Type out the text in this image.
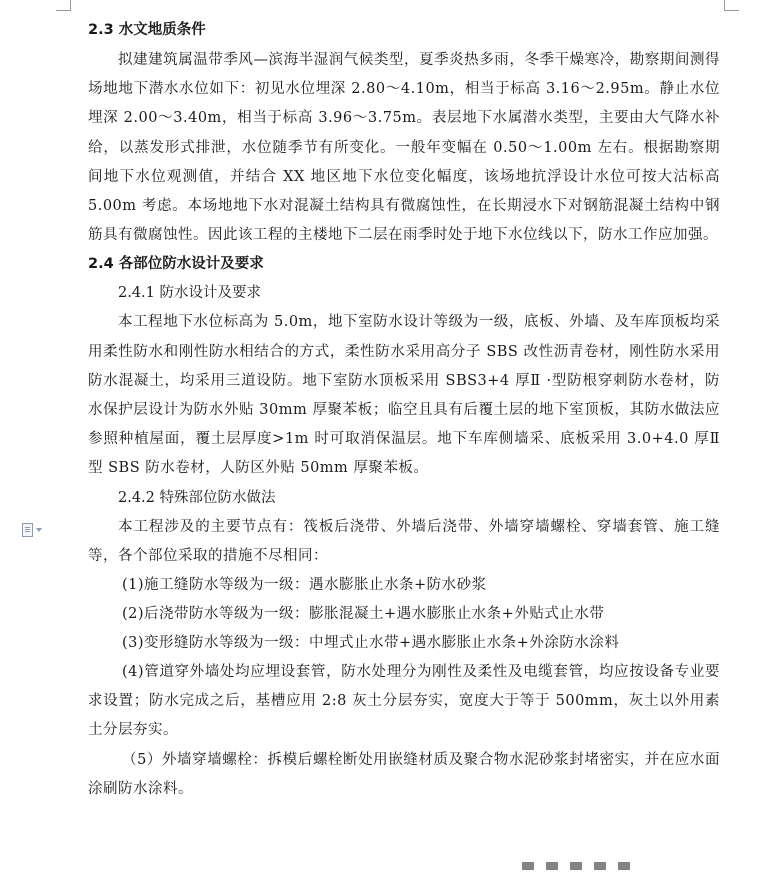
2.3 水文地质条件

拟建建筑属温带季风—滨海半湿润气候类型，夏季炎热多雨，冬季干燥寒冷，勘察期间测得场地地下潜水水位如下：初见水位埋深 2.80～4.10m，相当于标高 3.16～2.95m。静止水位埋深 2.00～3.40m，相当于标高 3.96～3.75m。表层地下水属潜水类型，主要由大气降水补给，以蒸发形式排泄，水位随季节有所变化。一般年变幅在 0.50～1.00m 左右。根据勘察期间地下水位观测值，并结合 XX 地区地下水位变化幅度，该场地抗浮设计水位可按大沽标高 5.00m 考虑。本场地地下水对混凝土结构具有微腐蚀性，在长期浸水下对钢筋混凝土结构中钢筋具有微腐蚀性。因此该工程的主楼地下二层在雨季时处于地下水位线以下，防水工作应加强。

2.4 各部位防水设计及要求

2.4.1 防水设计及要求

本工程地下水位标高为 5.0m，地下室防水设计等级为一级，底板、外墙、及车库顶板均采用柔性防水和刚性防水相结合的方式，柔性防水采用高分子 SBS 改性沥青卷材，刚性防水采用防水混凝土，均采用三道设防。地下室防水顶板采用 SBS3+4 厚Ⅱ ·型防根穿刺防水卷材，防水保护层设计为防水外贴 30mm 厚聚苯板；临空且具有后覆土层的地下室顶板，其防水做法应参照种植屋面，覆土层厚度>1m 时可取消保温层。地下车库侧墙采、底板采用 3.0+4.0 厚Ⅱ型 SBS 防水卷材，人防区外贴 50mm 厚聚苯板。

2.4.2 特殊部位防水做法

本工程涉及的主要节点有：筏板后浇带、外墙后浇带、外墙穿墙螺栓、穿墙套管、施工缝等，各个部位采取的措施不尽相同：

(1)施工缝防水等级为一级：遇水膨胀止水条+防水砂浆

(2)后浇带防水等级为一级：膨胀混凝土+遇水膨胀止水条+外贴式止水带

(3)变形缝防水等级为一级：中埋式止水带+遇水膨胀止水条+外涂防水涂料

(4)管道穿外墙处均应埋设套管，防水处理分为刚性及柔性及电缆套管，均应按设备专业要求设置；防水完成之后，基槽应用 2:8 灰土分层夯实，宽度大于等于 500mm，灰土以外用素土分层夯实。

（5）外墙穿墙螺栓：拆模后螺栓断处用嵌缝材质及聚合物水泥砂浆封堵密实，并在应水面涂刷防水涂料。
